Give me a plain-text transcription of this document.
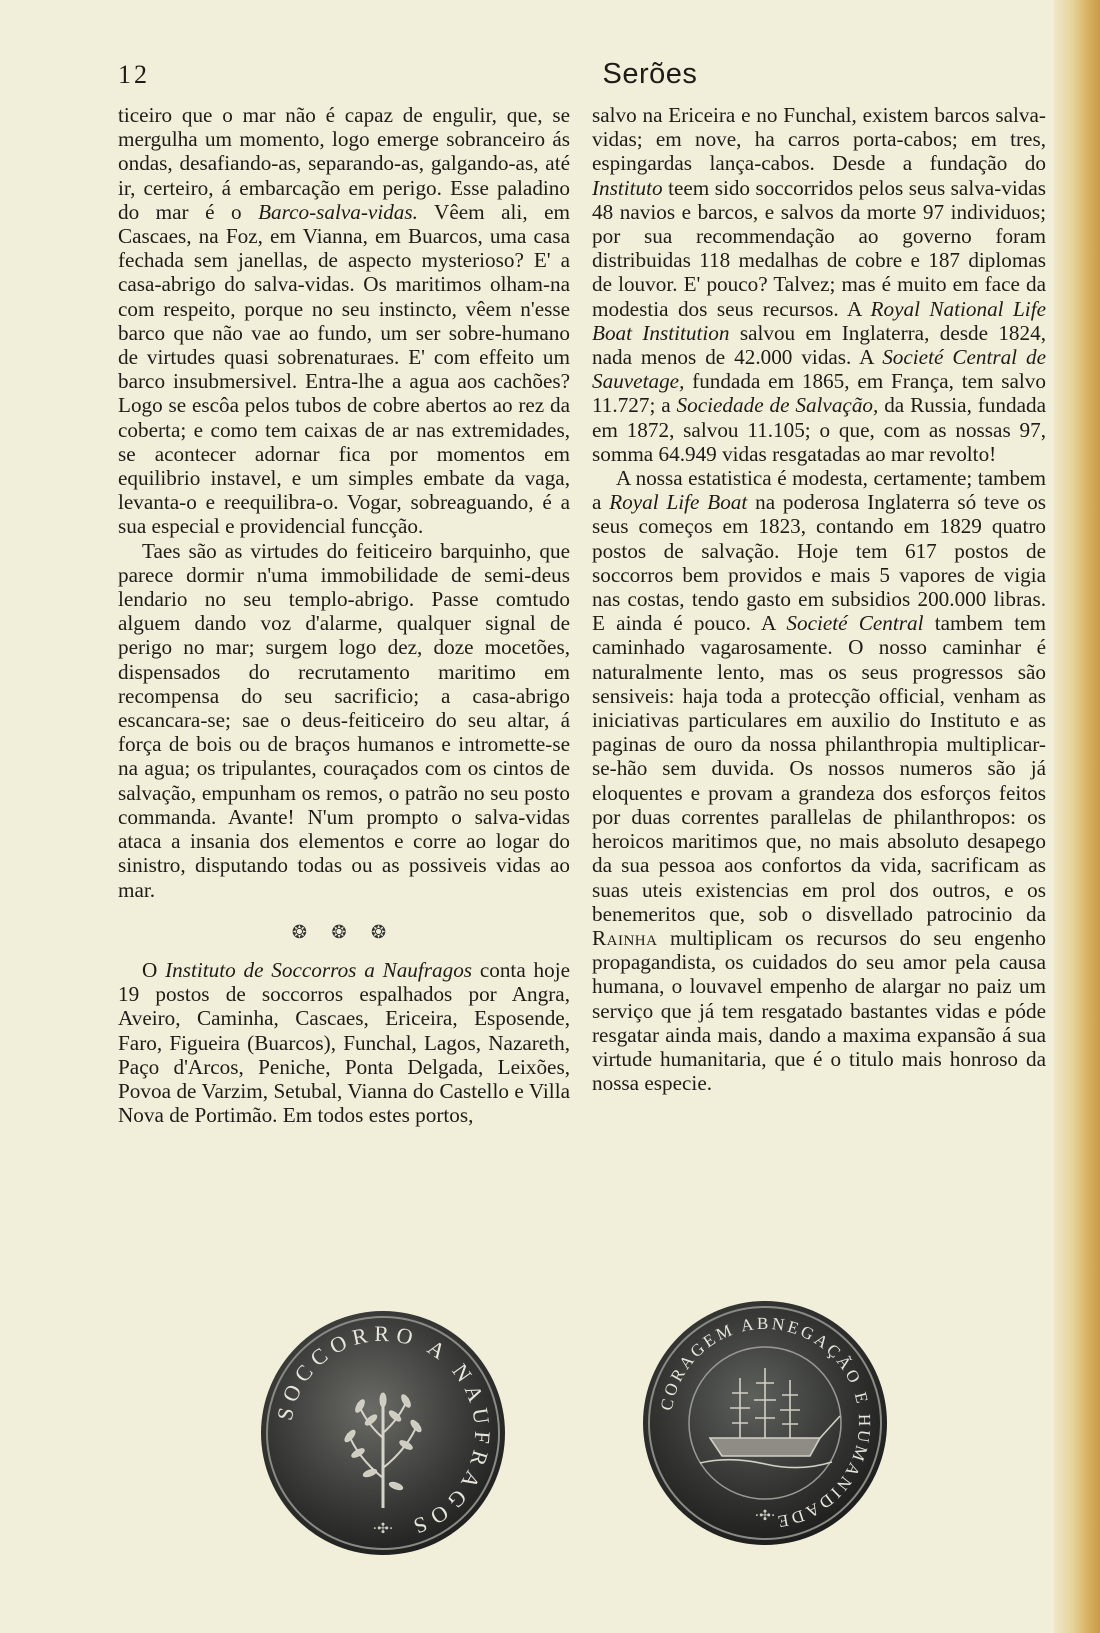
12	Serões

ticeiro que o mar não é capaz de engulir, que, se mergulha um momento, logo emerge sobranceiro ás ondas, desafiando-as, separando-as, galgando-as, até ir, certeiro, á embarcação em perigo. Esse paladino do mar é o Barco-salva-vidas. Vêem ali, em Cascaes, na Foz, em Vianna, em Buarcos, uma casa fechada sem janellas, de aspecto mysterioso? E' a casa-abrigo do salva-vidas. Os maritimos olham-na com respeito, porque no seu instincto, vêem n'esse barco que não vae ao fundo, um ser sobre-humano de virtudes quasi sobrenaturaes. E' com effeito um barco insubmersivel. Entra-lhe a agua aos cachões? Logo se escôa pelos tubos de cobre abertos ao rez da coberta; e como tem caixas de ar nas extremidades, se acontecer adornar fica por momentos em equilibrio instavel, e um simples embate da vaga, levanta-o e reequilibra-o. Vogar, sobreaguando, é a sua especial e providencial funcção.

Taes são as virtudes do feiticeiro barquinho, que parece dormir n'uma immobilidade de semi-deus lendario no seu templo-abrigo. Passe comtudo alguem dando voz d'alarme, qualquer signal de perigo no mar; surgem logo dez, doze mocetões, dispensados do recrutamento maritimo em recompensa do seu sacrificio; a casa-abrigo escancara-se; sae o deus-feiticeiro do seu altar, á força de bois ou de braços humanos e intromette-se na agua; os tripulantes, couraçados com os cintos de salvação, empunham os remos, o patrão no seu posto commanda. Avante! N'um prompto o salva-vidas ataca a insania dos elementos e corre ao logar do sinistro, disputando todas ou as possiveis vidas ao mar.

❂ ❂ ❂

O Instituto de Soccorros a Naufragos conta hoje 19 postos de soccorros espalhados por Angra, Aveiro, Caminha, Cascaes, Ericeira, Esposende, Faro, Figueira (Buarcos), Funchal, Lagos, Nazareth, Paço d'Arcos, Peniche, Ponta Delgada, Leixões, Povoa de Varzim, Setubal, Vianna do Castello e Villa Nova de Portimão. Em todos estes portos,

salvo na Ericeira e no Funchal, existem barcos salva-vidas; em nove, ha carros porta-cabos; em tres, espingardas lança-cabos. Desde a fundação do Instituto teem sido soccorridos pelos seus salva-vidas 48 navios e barcos, e salvos da morte 97 individuos; por sua recommendação ao governo foram distribuidas 118 medalhas de cobre e 187 diplomas de louvor. E' pouco? Talvez; mas é muito em face da modestia dos seus recursos. A Royal National Life Boat Institution salvou em Inglaterra, desde 1824, nada menos de 42.000 vidas. A Societé Central de Sauvetage, fundada em 1865, em França, tem salvo 11.727; a Sociedade de Salvação, da Russia, fundada em 1872, salvou 11.105; o que, com as nossas 97, somma 64.949 vidas resgatadas ao mar revolto!

A nossa estatistica é modesta, certamente; tambem a Royal Life Boat na poderosa Inglaterra só teve os seus começos em 1823, contando em 1829 quatro postos de salvação. Hoje tem 617 postos de soccorros bem providos e mais 5 vapores de vigia nas costas, tendo gasto em subsidios 200.000 libras. E ainda é pouco. A Societé Central tambem tem caminhado vagarosamente. O nosso caminhar é naturalmente lento, mas os seus progressos são sensiveis: haja toda a protecção official, venham as iniciativas particulares em auxilio do Instituto e as paginas de ouro da nossa philanthropia multiplicar-se-hão sem duvida. Os nossos numeros são já eloquentes e provam a grandeza dos esforços feitos por duas correntes parallelas de philanthropos: os heroicos maritimos que, no mais absoluto desapego da sua pessoa aos confortos da vida, sacrificam as suas uteis existencias em prol dos outros, e os benemeritos que, sob o disvellado patrocinio da Rainha multiplicam os recursos do seu engenho propagandista, os cuidados do seu amor pela causa humana, o louvavel empenho de alargar no paiz um serviço que já tem resgatado bastantes vidas e póde resgatar ainda mais, dando a maxima expansão á sua virtude humanitaria, que é o titulo mais honroso da nossa especie.

SOCCORRO A NAUFRAGOS
·✣·
CORAGEM ABNEGAÇÃO E HUMANIDADE
·✣·
